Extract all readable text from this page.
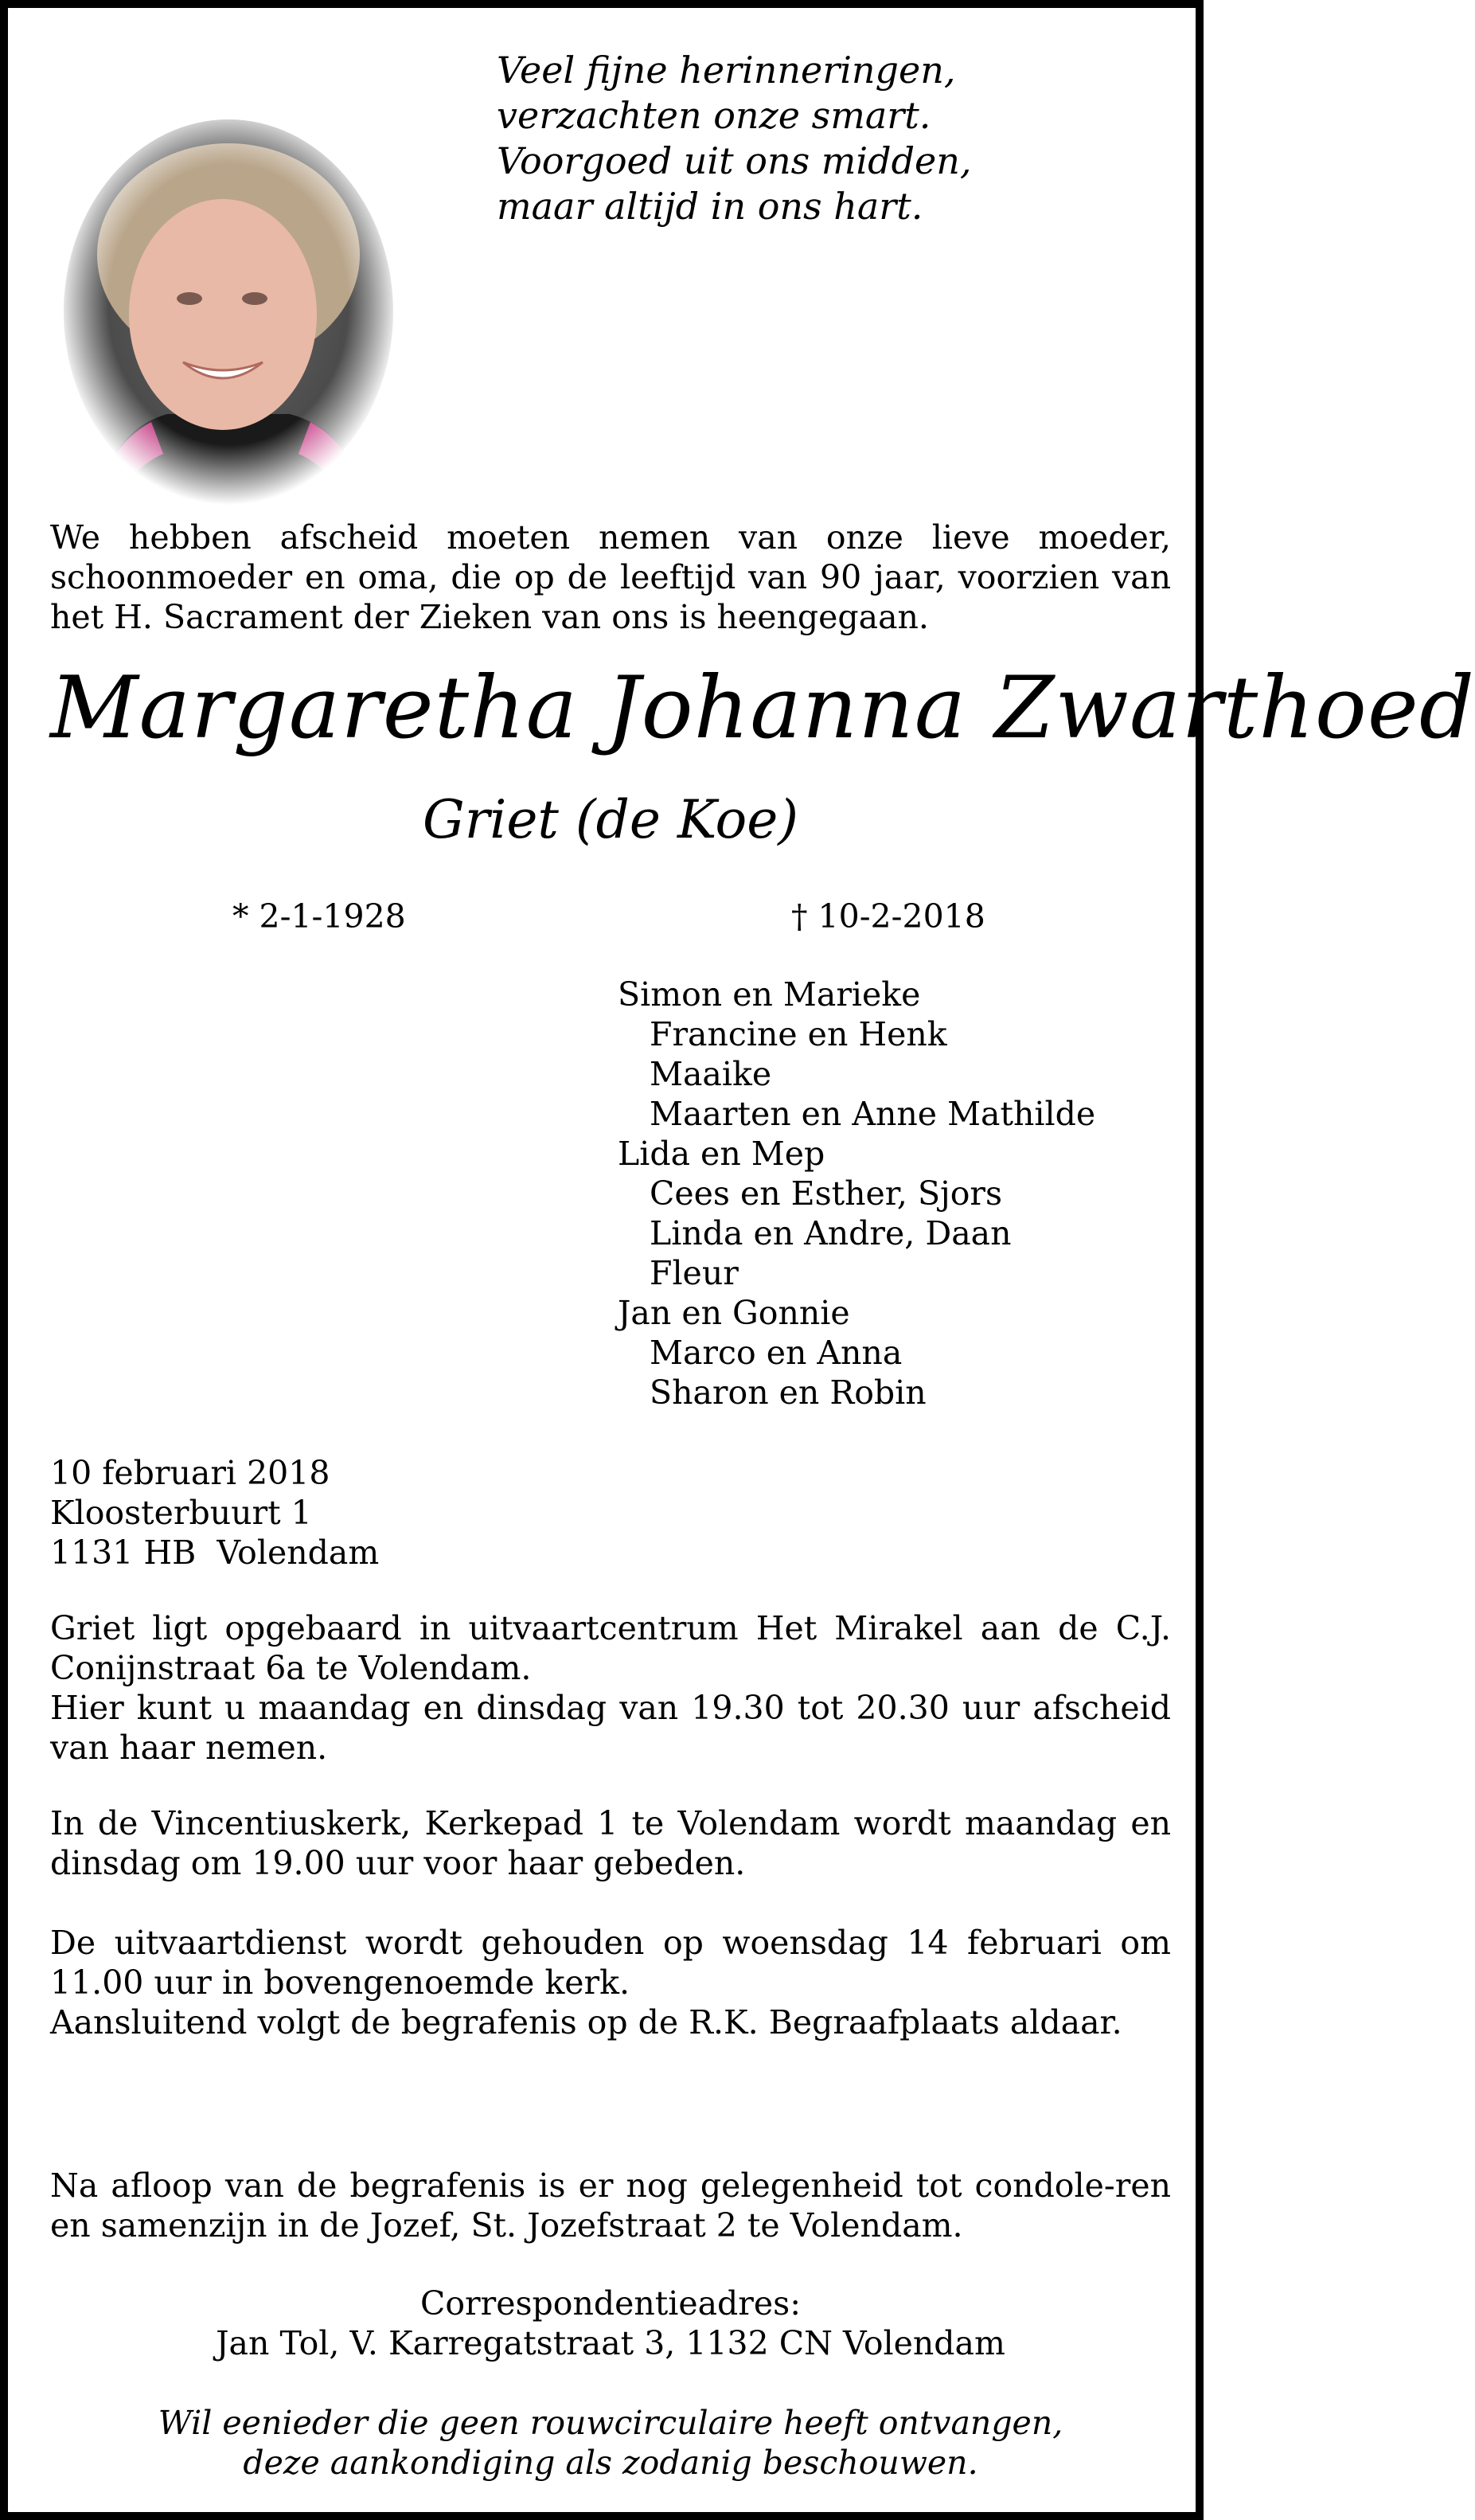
Veel fijne herinneringen,
verzachten onze smart.
Voorgoed uit ons midden,
maar altijd in ons hart.
We hebben afscheid moeten nemen van onze lieve moeder, schoonmoeder en oma, die op de leeftijd van 90 jaar, voorzien van het H. Sacrament der Zieken van ons is heengegaan.
Margaretha Johanna Zwarthoed
Griet (de Koe)
* 2-1-1928	† 10-2-2018
Simon en Marieke
Francine en Henk
Maaike
Maarten en Anne Mathilde
Lida en Mep
Cees en Esther, Sjors
Linda en Andre, Daan
Fleur
Jan en Gonnie
Marco en Anna
Sharon en Robin
10 februari 2018
Kloosterbuurt 1
1131 HB  Volendam

Griet ligt opgebaard in uitvaartcentrum Het Mirakel aan de C.J. Conijnstraat 6a te Volendam.

Hier kunt u maandag en dinsdag van 19.30 tot 20.30 uur afscheid van haar nemen.

In de Vincentiuskerk, Kerkepad 1 te Volendam wordt maandag en dinsdag om 19.00 uur voor haar gebeden.

De uitvaartdienst wordt gehouden op woensdag 14 februari om 11.00 uur in bovengenoemde kerk.

Aansluitend volgt de begrafenis op de R.K. Begraafplaats aldaar.

Na afloop van de begrafenis is er nog gelegenheid tot condole-ren en samenzijn in de Jozef, St. Jozefstraat 2 te Volendam.

Correspondentieadres:
Jan Tol, V. Karregatstraat 3, 1132 CN Volendam
Wil eenieder die geen rouwcirculaire heeft ontvangen,
deze aankondiging als zodanig beschouwen.
